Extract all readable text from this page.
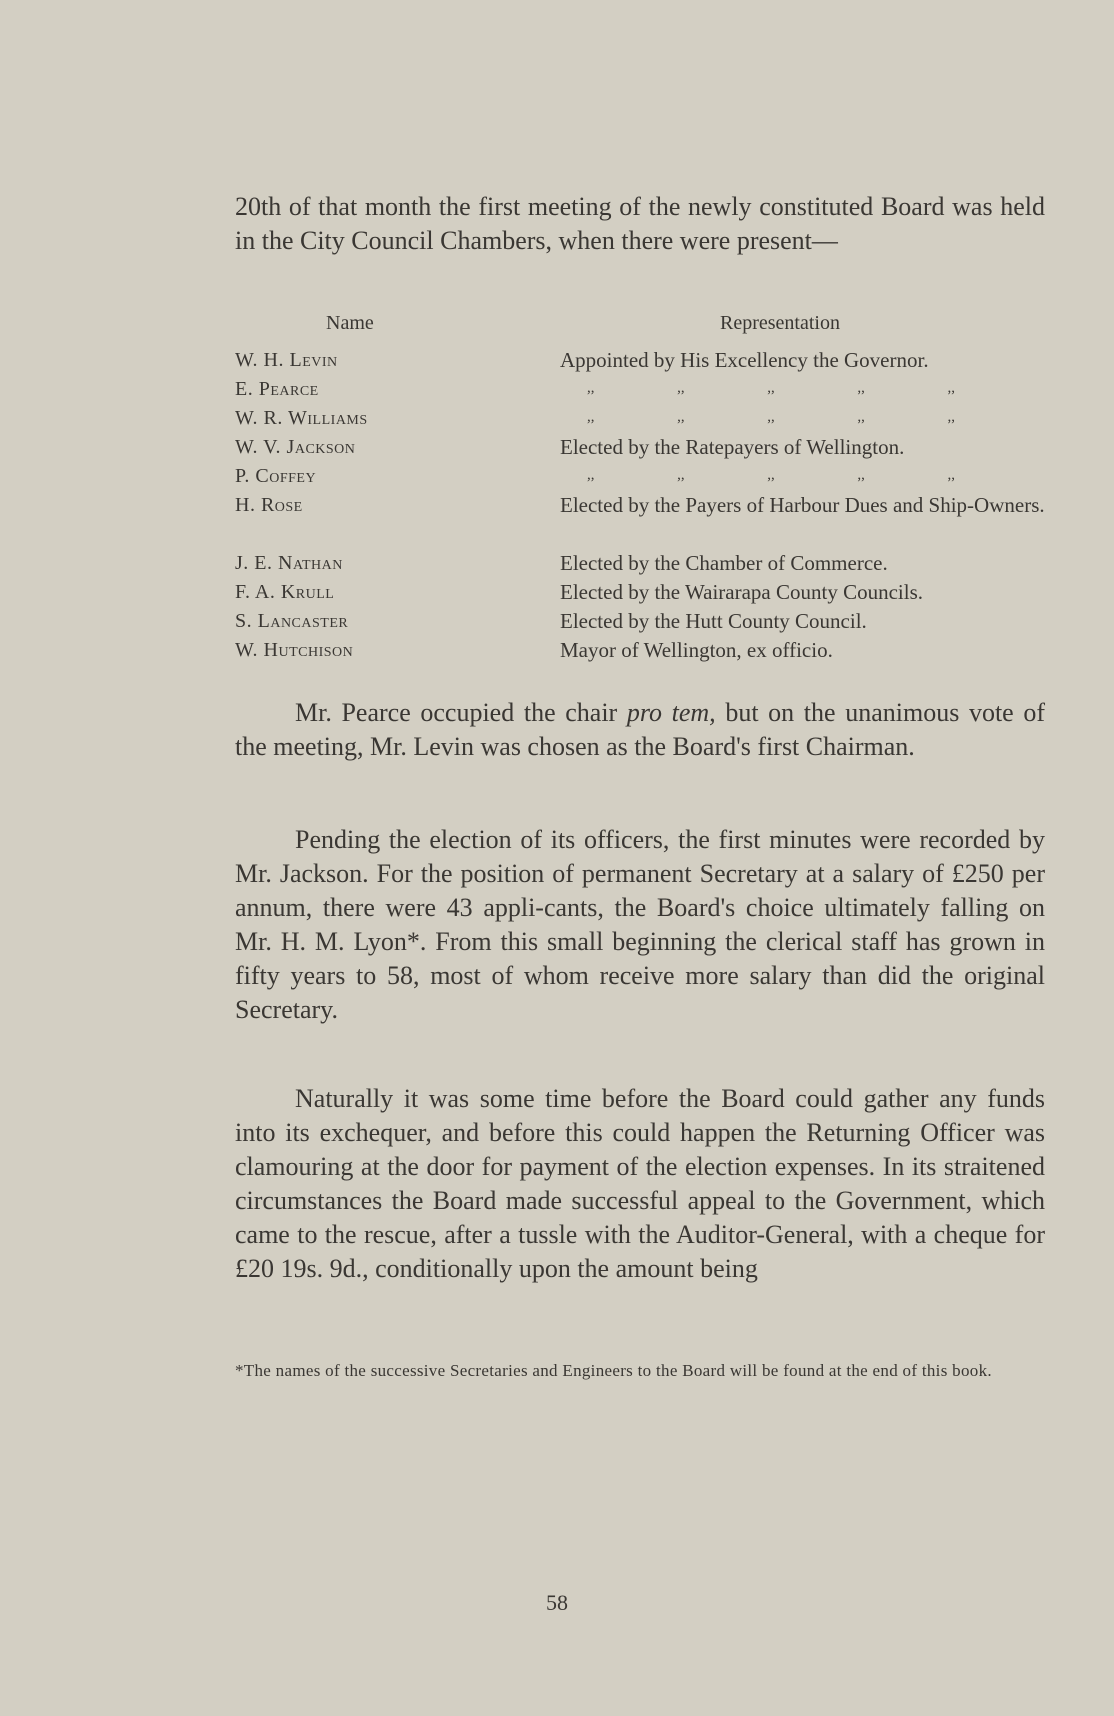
20th of that month the first meeting of the newly constituted Board was held in the City Council Chambers, when there were present—
Name	Representation
W. H. Levin	Appointed by His Excellency the Governor.
E. Pearce	,,	,,	,,	,,	,,
W. R. Williams	,,	,,	,,	,,	,,
W. V. Jackson	Elected by the Ratepayers of Wellington.
P. Coffey	,,	,,	,,	,,	,,
H. Rose	Elected by the Payers of Harbour Dues and Ship-Owners.
J. E. Nathan	Elected by the Chamber of Commerce.
F. A. Krull	Elected by the Wairarapa County Councils.
S. Lancaster	Elected by the Hutt County Council.
W. Hutchison	Mayor of Wellington, ex officio.
Mr. Pearce occupied the chair pro tem, but on the unanimous vote of the meeting, Mr. Levin was chosen as the Board's first Chairman.
Pending the election of its officers, the first minutes were recorded by Mr. Jackson. For the position of permanent Secretary at a salary of £250 per annum, there were 43 appli-cants, the Board's choice ultimately falling on Mr. H. M. Lyon*. From this small beginning the clerical staff has grown in fifty years to 58, most of whom receive more salary than did the original Secretary.
Naturally it was some time before the Board could gather any funds into its exchequer, and before this could happen the Returning Officer was clamouring at the door for payment of the election expenses. In its straitened circumstances the Board made successful appeal to the Government, which came to the rescue, after a tussle with the Auditor-General, with a cheque for £20 19s. 9d., conditionally upon the amount being
*The names of the successive Secretaries and Engineers to the Board will be found at the end of this book.
58
